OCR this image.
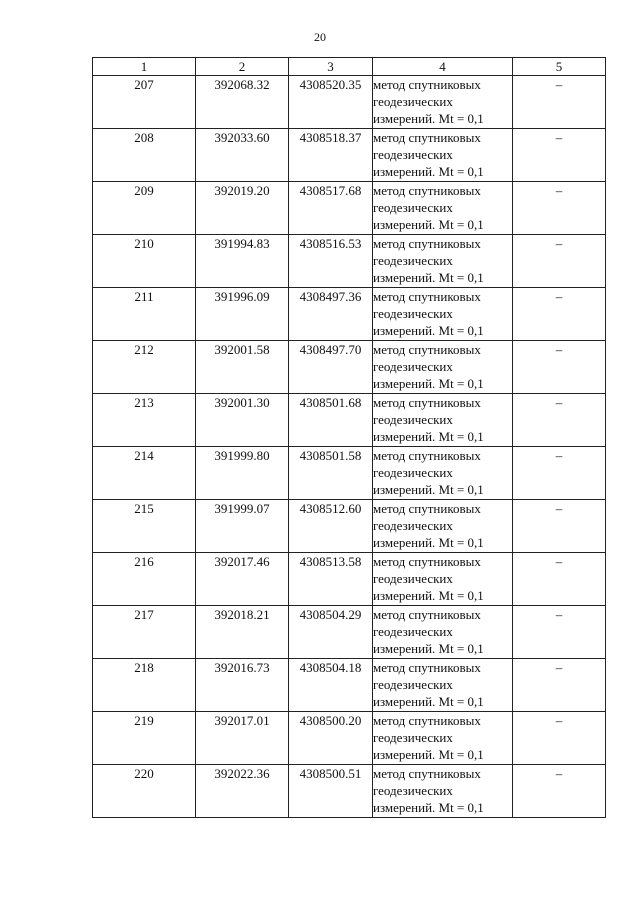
20
1	2	3	4	5
207	392068.32	4308520.35	метод спутниковых
геодезических
измерений. Mt = 0,1	–
208	392033.60	4308518.37	метод спутниковых
геодезических
измерений. Mt = 0,1	–
209	392019.20	4308517.68	метод спутниковых
геодезических
измерений. Mt = 0,1	–
210	391994.83	4308516.53	метод спутниковых
геодезических
измерений. Mt = 0,1	–
211	391996.09	4308497.36	метод спутниковых
геодезических
измерений. Mt = 0,1	–
212	392001.58	4308497.70	метод спутниковых
геодезических
измерений. Mt = 0,1	–
213	392001.30	4308501.68	метод спутниковых
геодезических
измерений. Mt = 0,1	–
214	391999.80	4308501.58	метод спутниковых
геодезических
измерений. Mt = 0,1	–
215	391999.07	4308512.60	метод спутниковых
геодезических
измерений. Mt = 0,1	–
216	392017.46	4308513.58	метод спутниковых
геодезических
измерений. Mt = 0,1	–
217	392018.21	4308504.29	метод спутниковых
геодезических
измерений. Mt = 0,1	–
218	392016.73	4308504.18	метод спутниковых
геодезических
измерений. Mt = 0,1	–
219	392017.01	4308500.20	метод спутниковых
геодезических
измерений. Mt = 0,1	–
220	392022.36	4308500.51	метод спутниковых
геодезических
измерений. Mt = 0,1	–
